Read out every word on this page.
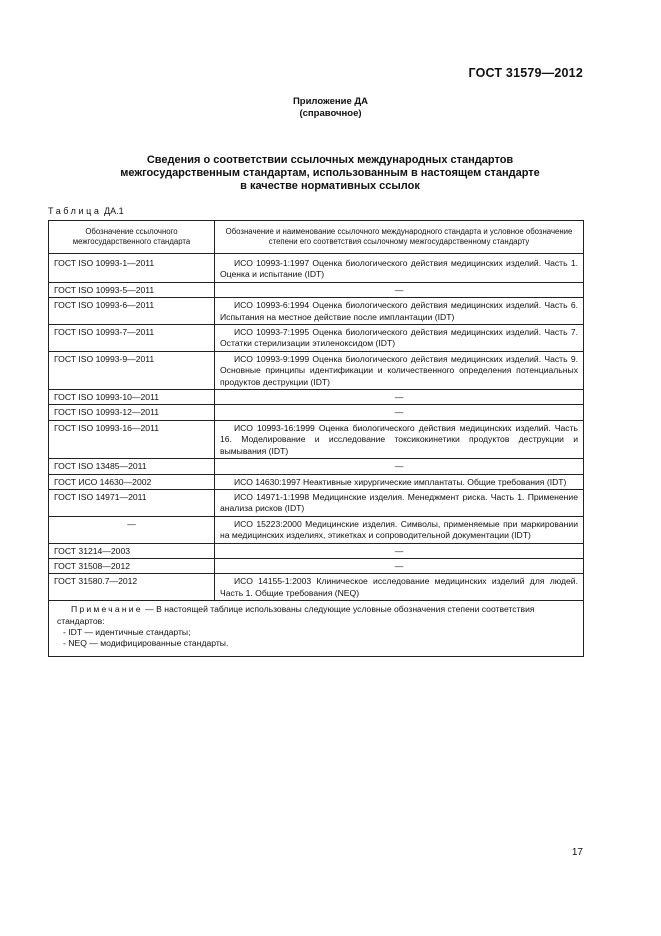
ГОСТ 31579—2012
Приложение ДА
(справочное)
Сведения о соответствии ссылочных международных стандартов
межгосударственным стандартам, использованным в настоящем стандарте
в качестве нормативных ссылок
Таблица ДА.1
Обозначение ссылочного межгосударственного стандарта	Обозначение и наименование ссылочного международного стандарта и условное обозначение степени его соответствия ссылочному межгосударственному стандарту
ГОСТ ISO 10993-1—2011	ИСО 10993-1:1997 Оценка биологического действия медицинских изделий. Часть 1. Оценка и испытание (IDT)
ГОСТ ISO 10993-5—2011	—
ГОСТ ISO 10993-6—2011	ИСО 10993-6:1994 Оценка биологического действия медицинских изделий. Часть 6. Испытания на местное действие после имплантации (IDT)
ГОСТ ISO 10993-7—2011	ИСО 10993-7:1995 Оценка биологического действия медицинских изделий. Часть 7. Остатки стерилизации этиленоксидом (IDT)
ГОСТ ISO 10993-9—2011	ИСО 10993-9:1999 Оценка биологического действия медицинских изделий. Часть 9. Основные принципы идентификации и количественного определения потенциальных продуктов деструкции (IDT)
ГОСТ ISO 10993-10—2011	—
ГОСТ ISO 10993-12—2011	—
ГОСТ ISO 10993-16—2011	ИСО 10993-16:1999 Оценка биологического действия медицинских изделий. Часть 16. Моделирование и исследование токсикокинетики продуктов деструкции и вымывания (IDT)
ГОСТ ISO 13485—2011	—
ГОСТ ИСО 14630—2002	ИСО 14630:1997 Неактивные хирургические имплантаты. Общие требования (IDT)
ГОСТ ISO 14971—2011	ИСО 14971-1:1998 Медицинские изделия. Менеджмент риска. Часть 1. Применение анализа рисков (IDT)
—	ИСО 15223:2000 Медицинские изделия. Символы, применяемые при маркировании на медицинских изделиях, этикетках и сопроводительной документации (IDT)
ГОСТ 31214—2003	—
ГОСТ 31508—2012	—
ГОСТ 31580.7—2012	ИСО 14155-1:2003 Клиническое исследование медицинских изделий для людей. Часть 1. Общие требования (NEQ)

Примечание — В настоящей таблице использованы следующие условные обозначения степени соответствия стандартов:
- IDT — идентичные стандарты;
- NEQ — модифицированные стандарты.	
17
